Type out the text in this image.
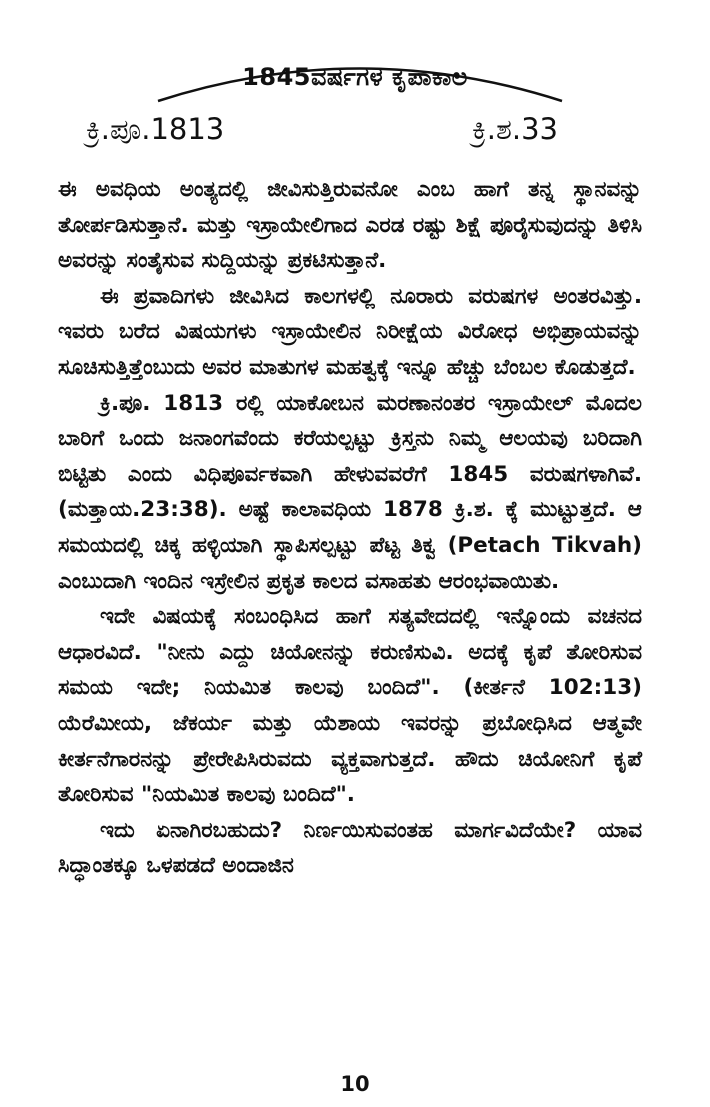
1845ವರ್ಷಗಳ ಕೃಪಾಕಾಲ
ಕ್ರಿ.ಪೂ.1813	ಕ್ರಿ.ಶ.33

ಈ ಅವಧಿಯ ಅಂತ್ಯದಲ್ಲಿ ಜೀವಿಸುತ್ತಿರುವನೋ ಎಂಬ ಹಾಗೆ ತನ್ನ ಸ್ಥಾನವನ್ನು ತೋರ್ಪಡಿಸುತ್ತಾನೆ. ಮತ್ತು ಇಸ್ರಾಯೇಲಿಗಾದ ಎರಡ ರಷ್ಟು ಶಿಕ್ಷೆ ಪೂರೈಸುವುದನ್ನು ತಿಳಿಸಿ ಅವರನ್ನು ಸಂತೈಸುವ ಸುದ್ದಿಯನ್ನು ಪ್ರಕಟಿಸುತ್ತಾನೆ.

ಈ ಪ್ರವಾದಿಗಳು ಜೀವಿಸಿದ ಕಾಲಗಳಲ್ಲಿ ನೂರಾರು ವರುಷಗಳ ಅಂತರವಿತ್ತು. ಇವರು ಬರೆದ ವಿಷಯಗಳು ಇಸ್ರಾಯೇಲಿನ ನಿರೀಕ್ಷೆಯ ವಿರೋಧ ಅಭಿಪ್ರಾಯವನ್ನು ಸೂಚಿಸುತ್ತಿತ್ತೆಂಬುದು ಅವರ ಮಾತುಗಳ ಮಹತ್ವಕ್ಕೆ ಇನ್ನೂ ಹೆಚ್ಚು ಬೆಂಬಲ ಕೊಡುತ್ತದೆ.

ಕ್ರಿ.ಪೂ. 1813 ರಲ್ಲಿ ಯಾಕೋಬನ ಮರಣಾನಂತರ ಇಸ್ರಾಯೇಲ್ ಮೊದಲ ಬಾರಿಗೆ ಒಂದು ಜನಾಂಗವೆಂದು ಕರೆಯಲ್ಪಟ್ಟು ಕ್ರಿಸ್ತನು ನಿಮ್ಮ ಆಲಯವು ಬರಿದಾಗಿ ಬಿಟ್ಟಿತು ಎಂದು ವಿಧಿಪೂರ್ವಕವಾಗಿ ಹೇಳುವವರೆಗೆ 1845 ವರುಷಗಳಾಗಿವೆ. (ಮತ್ತಾಯ.23:38). ಅಷ್ಟೆ ಕಾಲಾವಧಿಯ 1878 ಕ್ರಿ.ಶ. ಕ್ಕೆ ಮುಟ್ಟುತ್ತದೆ. ಆ ಸಮಯದಲ್ಲಿ ಚಿಕ್ಕ ಹಳ್ಳಿಯಾಗಿ ಸ್ಥಾಪಿಸಲ್ಪಟ್ಟು ಪೆಟ್ಟ ತಿಕ್ವ (Petach Tikvah) ಎಂಬುದಾಗಿ ಇಂದಿನ ಇಸ್ರೇಲಿನ ಪ್ರಕೃತ ಕಾಲದ ವಸಾಹತು ಆರಂಭವಾಯಿತು.

ಇದೇ ವಿಷಯಕ್ಕೆ ಸಂಬಂಧಿಸಿದ ಹಾಗೆ ಸತ್ಯವೇದದಲ್ಲಿ ಇನ್ನೊಂದು ವಚನದ ಆಧಾರವಿದೆ. "ನೀನು ಎದ್ದು ಚಿಯೋನನ್ನು ಕರುಣಿಸುವಿ. ಅದಕ್ಕೆ ಕೃಪೆ ತೋರಿಸುವ ಸಮಯ ಇದೇ; ನಿಯಮಿತ ಕಾಲವು ಬಂದಿದೆ". (ಕೀರ್ತನೆ 102:13) ಯೆರೆಮೀಯ, ಜೆಕರ್ಯ ಮತ್ತು ಯೆಶಾಯ ಇವರನ್ನು ಪ್ರಬೋಧಿಸಿದ ಆತ್ಮವೇ ಕೀರ್ತನೆಗಾರನನ್ನು ಪ್ರೇರೇಪಿಸಿರುವದು ವ್ಯಕ್ತವಾಗುತ್ತದೆ. ಹೌದು ಚಿಯೋನಿಗೆ ಕೃಪೆ ತೋರಿಸುವ "ನಿಯಮಿತ ಕಾಲವು ಬಂದಿದೆ".

ಇದು ಏನಾಗಿರಬಹುದು? ನಿರ್ಣಯಿಸುವಂತಹ ಮಾರ್ಗವಿದೆಯೇ? ಯಾವ ಸಿದ್ಧಾಂತಕ್ಕೂ ಒಳಪಡದೆ ಅಂದಾಜಿನ

10
